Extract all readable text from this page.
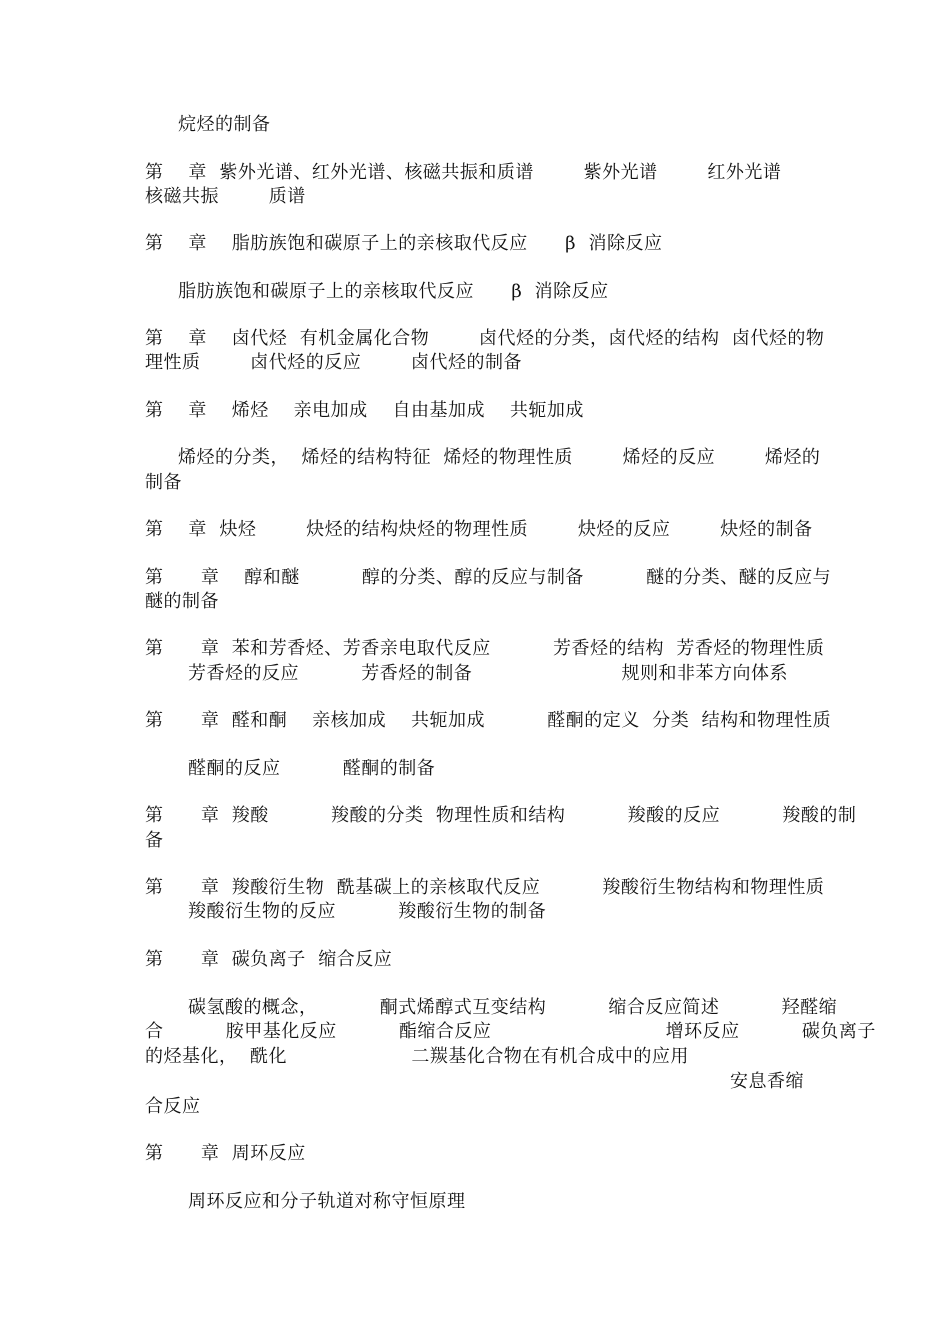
烷烃的制备
第    章  紫外光谱、红外光谱、核磁共振和质谱        紫外光谱        红外光谱
核磁共振        质谱
第    章    脂肪族饱和碳原子上的亲核取代反应      β  消除反应
脂肪族饱和碳原子上的亲核取代反应      β  消除反应
第    章    卤代烃  有机金属化合物        卤代烃的分类，卤代烃的结构  卤代烃的物
理性质        卤代烃的反应        卤代烃的制备
第    章    烯烃    亲电加成    自由基加成    共轭加成
烯烃的分类，  烯烃的结构特征  烯烃的物理性质        烯烃的反应        烯烃的
制备
第    章  炔烃        炔烃的结构炔烃的物理性质        炔烃的反应        炔烃的制备
第      章    醇和醚          醇的分类、醇的反应与制备          醚的分类、醚的反应与
醚的制备
第      章  苯和芳香烃、芳香亲电取代反应          芳香烃的结构  芳香烃的物理性质
芳香烃的反应          芳香烃的制备                        规则和非苯方向体系
第      章  醛和酮    亲核加成    共轭加成          醛酮的定义  分类  结构和物理性质
醛酮的反应          醛酮的制备
第      章  羧酸          羧酸的分类  物理性质和结构          羧酸的反应          羧酸的制
备
第      章  羧酸衍生物  酰基碳上的亲核取代反应          羧酸衍生物结构和物理性质
羧酸衍生物的反应          羧酸衍生物的制备
第      章  碳负离子  缩合反应
碳氢酸的概念，          酮式烯醇式互变结构          缩合反应简述          羟醛缩
合          胺甲基化反应          酯缩合反应                            增环反应          碳负离子
的烃基化，  酰化                    二羰基化合物在有机合成中的应用
安息香缩
合反应
第      章  周环反应
周环反应和分子轨道对称守恒原理
